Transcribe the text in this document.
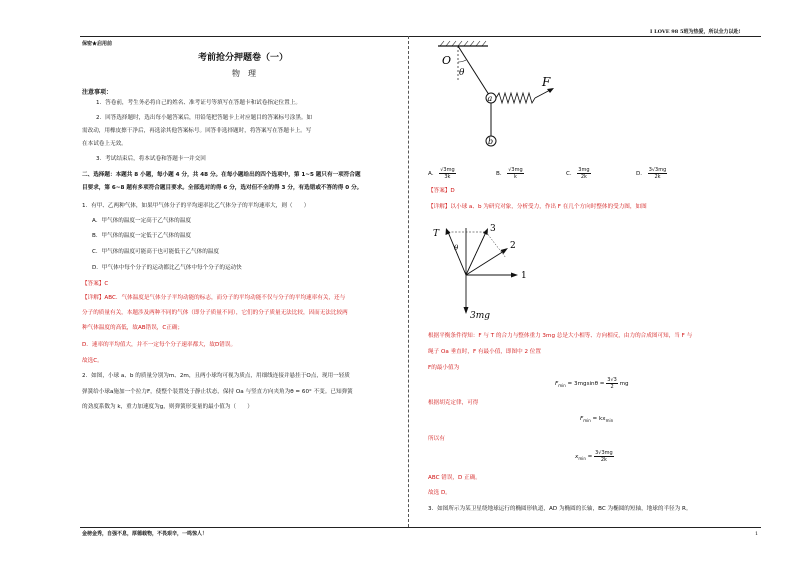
I LOVE 98 5班为热爱，所以全力以赴!
保密★启用前
考前抢分押题卷（一）
物　理
注意事项：
1．答卷前，考生务必将自己的姓名、准考证号等填写在答题卡和试卷指定位置上。
2．回答选择题时，选出每小题答案后，用铅笔把答题卡上对应题目的答案标号涂黑。如
需改动，用橡皮擦干净后，再选涂其他答案标号。回答非选择题时，将答案写在答题卡上。写
在本试卷上无效。
3．考试结束后，将本试卷和答题卡一并交回
二、选择题：本题共 8 小题，每小题 4 分，共 48 分。在每小题给出的四个选项中，第 1~5 题只有一项符合题
目要求，第 6~8 题有多项符合题目要求。全部选对的得 6 分，选对但不全的得 3 分，有选错或不答的得 0 分。
1．有甲、乙两种气体，如果甲气体分子的平均速率比乙气体分子的平均速率大，则（　　）
A．甲气体的温度一定高于乙气体的温度
B．甲气体的温度一定低于乙气体的温度
C．甲气体的温度可能高于也可能低于乙气体的温度
D．甲气体中每个分子的运动都比乙气体中每个分子的运动快
【答案】C
【详解】ABC．气体温度是气体分子平均动能的标志，而分子的平均动能不仅与分子的平均速率有关，还与
分子的质量有关，本题涉及两种不同的气体（即分子质量不同），它们的分子质量无法比较，因而无法比较两
种气体温度的高低，故AB错误，C正确；
D．速率的平均值大，并不一定每个分子速率都大，故D错误。
故选C。
2．如图，小球 a、b 的质量分别为m、2m，且两小球均可视为质点，用细线连接并悬挂于O点，现用一轻质
弹簧给小球a施加一个拉力F，使整个装置处于静止状态，保持 Oa 与竖直方向夹角为θ = 60° 不变。已知弹簧
的劲度系数为 k，重力加速度为g，则弹簧形变量的最小值为（　　）
O
θ
a
F
b
A． $\frac{√3mg}{3k}$	B． $\frac{√3mg}{k}$	C． $\frac{3mg}{2k}$	D． $\frac{3√3mg}{2k}$
【答案】D
【详解】以小球 a、b 为研究对象，分析受力，作出 F 在几个方向时整体的受力图，如图
T
θ
3
2
1
3mg
根据平衡条件得知：F 与 T 的合力与整体重力 3mg 总是大小相等、方向相反，由力的合成图可知，当 F 与
绳子 Oa 垂直时，F 有最小值，即图中 2 位置
F的最小值为
$F_{min} = 3mgsin\theta = \frac{3√3}{2}$ mg
根据胡克定律，可得
$F_{min} = kx_{min}$
所以有
$x_{min} = \frac{3√3mg}{2k}$
ABC 错误，D 正确。
故选 D。
3．如图所示为某卫星绕地球运行的椭圆形轨道，AD 为椭圆的长轴，BC 为椭圆的短轴，地球的半径为 R。
金榜金秀，自强不息，厚德载物，不畏艰辛，一鸣惊人！	1
